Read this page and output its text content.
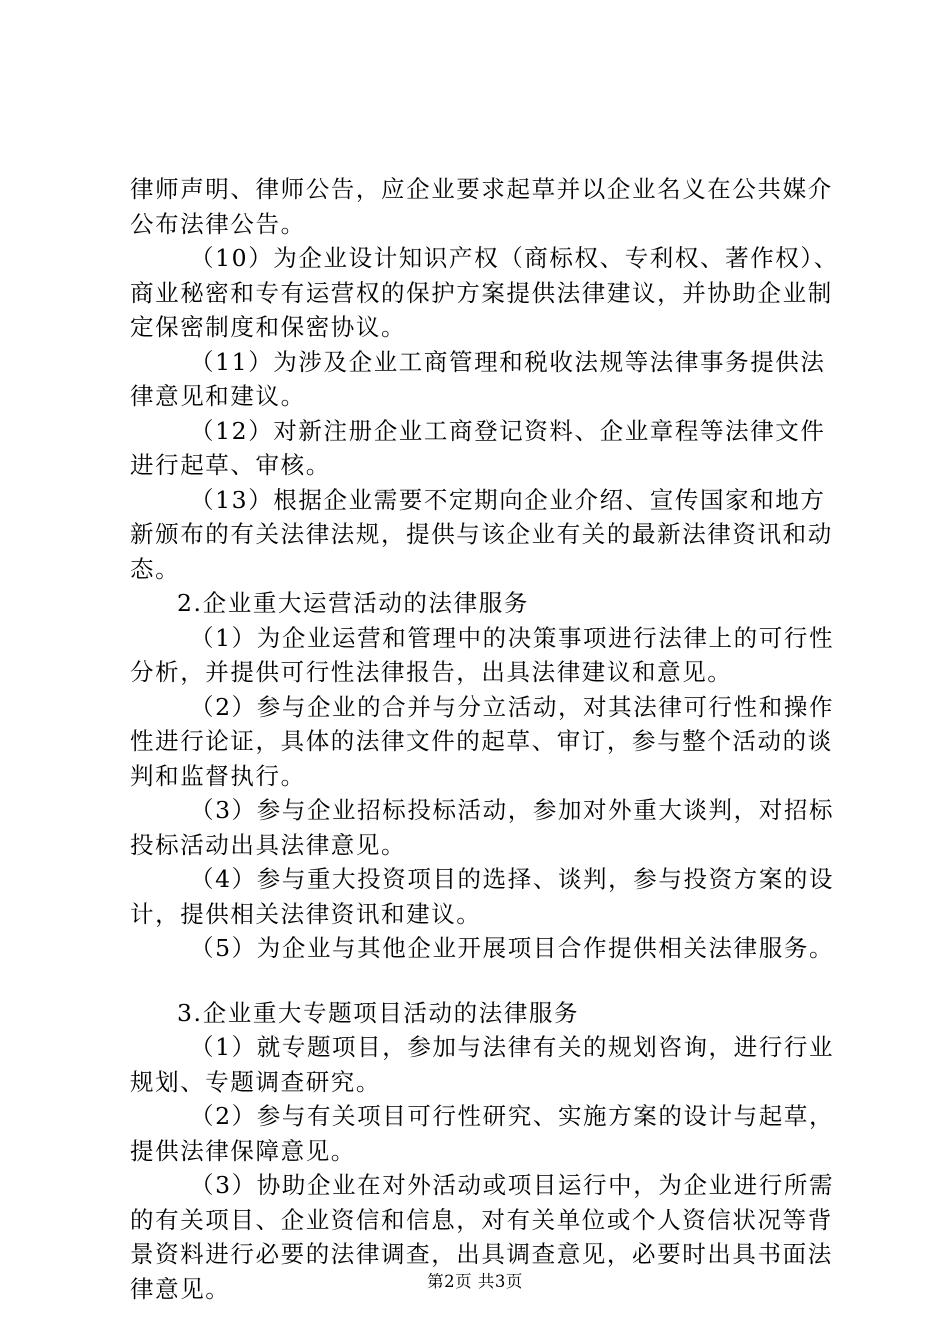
律师声明、律师公告，应企业要求起草并以企业名义在公共媒介公布法律公告。

（10）为企业设计知识产权（商标权、专利权、著作权）、商业秘密和专有运营权的保护方案提供法律建议，并协助企业制定保密制度和保密协议。

（11）为涉及企业工商管理和税收法规等法律事务提供法律意见和建议。

（12）对新注册企业工商登记资料、企业章程等法律文件进行起草、审核。

（13）根据企业需要不定期向企业介绍、宣传国家和地方新颁布的有关法律法规，提供与该企业有关的最新法律资讯和动态。

2.企业重大运营活动的法律服务

（1）为企业运营和管理中的决策事项进行法律上的可行性分析，并提供可行性法律报告，出具法律建议和意见。

（2）参与企业的合并与分立活动，对其法律可行性和操作性进行论证，具体的法律文件的起草、审订，参与整个活动的谈判和监督执行。

（3）参与企业招标投标活动，参加对外重大谈判，对招标投标活动出具法律意见。

（4）参与重大投资项目的选择、谈判，参与投资方案的设计，提供相关法律资讯和建议。

（5）为企业与其他企业开展项目合作提供相关法律服务。

3.企业重大专题项目活动的法律服务

（1）就专题项目，参加与法律有关的规划咨询，进行行业规划、专题调查研究。

（2）参与有关项目可行性研究、实施方案的设计与起草，提供法律保障意见。

（3）协助企业在对外活动或项目运行中，为企业进行所需的有关项目、企业资信和信息，对有关单位或个人资信状况等背景资料进行必要的法律调查，出具调查意见，必要时出具书面法律意见。	第2页 共3页
